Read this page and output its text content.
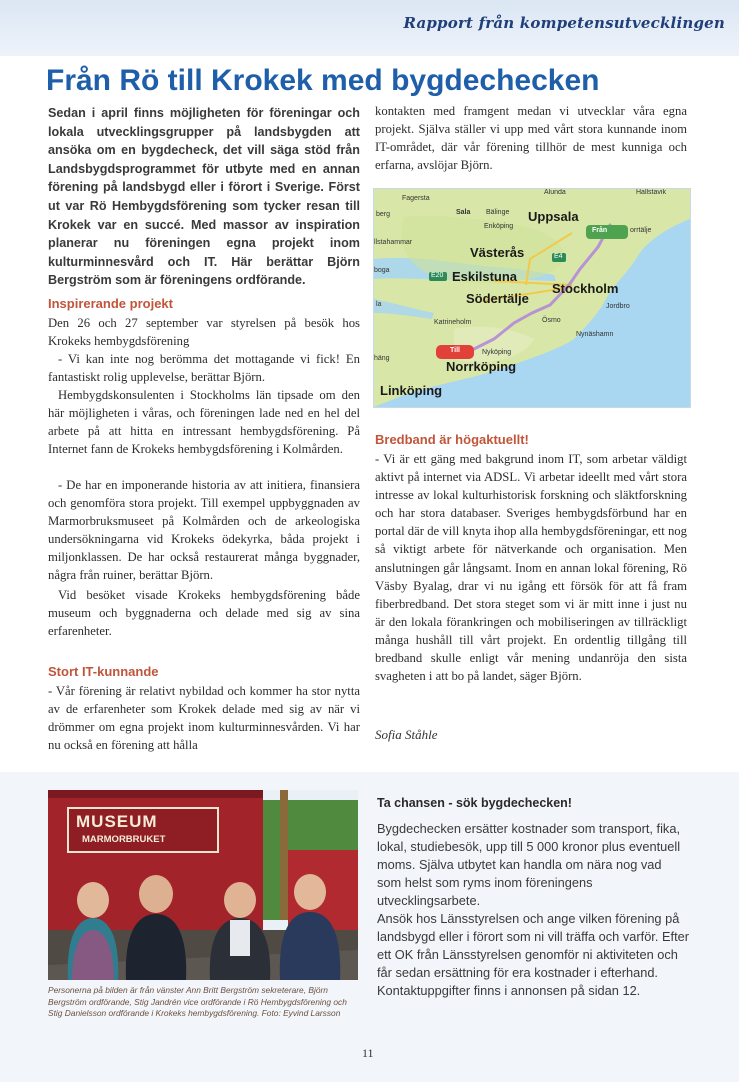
Rapport från kompetensutvecklingen
Från Rö till Krokek med bygdechecken

Sedan i april finns möjligheten för föreningar och lokala utvecklingsgrupper på landsbygden att ansöka om en bygdecheck, det vill säga stöd från Landsbygdsprogrammet för utbyte med en annan förening på landsbygd eller i förort i Sverige. Först ut var Rö Hembygdsförening som tycker resan till Krokek var en succé. Med massor av inspiration planerar nu föreningen egna projekt inom kulturminnesvård och IT. Här berättar Björn Bergström som är föreningens ordförande.

Inspirerande projekt

Den 26 och 27 september var styrelsen på besök hos Krokeks hembygdsförening

- Vi kan inte nog berömma det mottagande vi fick! En fantastiskt rolig upplevelse, berättar Björn.

Hembygdskonsulenten i Stockholms län tipsade om den här möjligheten i våras, och föreningen lade ned en hel del arbete på att hitta en intressant hembygdsförening. På Internet fann de Krokeks hembygdsförening i Kolmården.

- De har en imponerande historia av att initiera, finansiera och genomföra stora projekt. Till exempel uppbyggnaden av Marmorbruksmuseet på Kolmården och de arkeologiska undersökningarna vid Krokeks ödekyrka, båda projekt i miljonklassen. De har också restaurerat många byggnader, några från ruiner, berättar Björn.

Vid besöket visade Krokeks hembygdsförening både museum och byggnaderna och delade med sig av sina erfarenheter.

Stort IT-kunnande

- Vår förening är relativt nybildad och kommer ha stor nytta av de erfarenheter som Krokek delade med sig av när vi drömmer om egna projekt inom kulturminnesvården. Vi har nu också en förening att hålla

kontakten med framgent medan vi utvecklar våra egna projekt. Själva ställer vi upp med vårt stora kunnande inom IT-området, där vår förening tillhör de mest kunniga och erfarna, avslöjar Björn.

Fagersta
berg	Sala Bälinge
Alunda	Hallstavik
Uppsala
Från	orrtälje
Enköping
llstahammar
Västerås
boga
E20
E4
Eskilstuna
Stockholm
Södertälje
Jordbro
la
Katrineholm	Ösmo
Nynäshamn
Till	Nyköping
häng
Norrköping
Linköping
Bredband är högaktuellt!

- Vi är ett gäng med bakgrund inom IT, som arbetar väldigt aktivt på internet via ADSL. Vi arbetar ideellt med vårt stora intresse av lokal kulturhistorisk forskning och släktforskning och har stora databaser. Sveriges hembygdsförbund har en portal där de vill knyta ihop alla hembygdsföreningar, ett nog så viktigt arbete för nätverkande och organisation. Men anslutningen går långsamt. Inom en annan lokal förening, Rö Väsby Byalag, drar vi nu igång ett försök för att få fram fiberbredband. Det stora steget som vi är mitt inne i just nu är den lokala förankringen och mobiliseringen av tillräckligt många hushåll till vårt projekt. En ordentlig tillgång till bredband skulle enligt vår mening undanröja den sista svagheten i att bo på landet, säger Björn.

Sofia Ståhle

MUSEUM
MARMORBRUKET

Personerna på bilden är från vänster Ann Britt Bergström sekreterare, Björn Bergström ordförande, Stig Jandrén vice ordförande i Rö Hembygdsförening och Stig Danielsson ordförande i Krokeks hembygdsförening. Foto: Eyvind Larsson

Ta chansen - sök bygdechecken!

Bygdechecken ersätter kostnader som transport, fika, lokal, studiebesök, upp till 5 000 kronor plus eventuell moms. Själva utbytet kan handla om nära nog vad som helst som ryms inom föreningens utvecklingsarbete.

Ansök hos Länsstyrelsen och ange vilken förening på landsbygd eller i förort som ni vill träffa och varför. Efter ett OK från Länsstyrelsen genomför ni aktiviteten och får sedan ersättning för era kostnader i efterhand. Kontaktuppgifter finns i annonsen på sidan 12.

11
